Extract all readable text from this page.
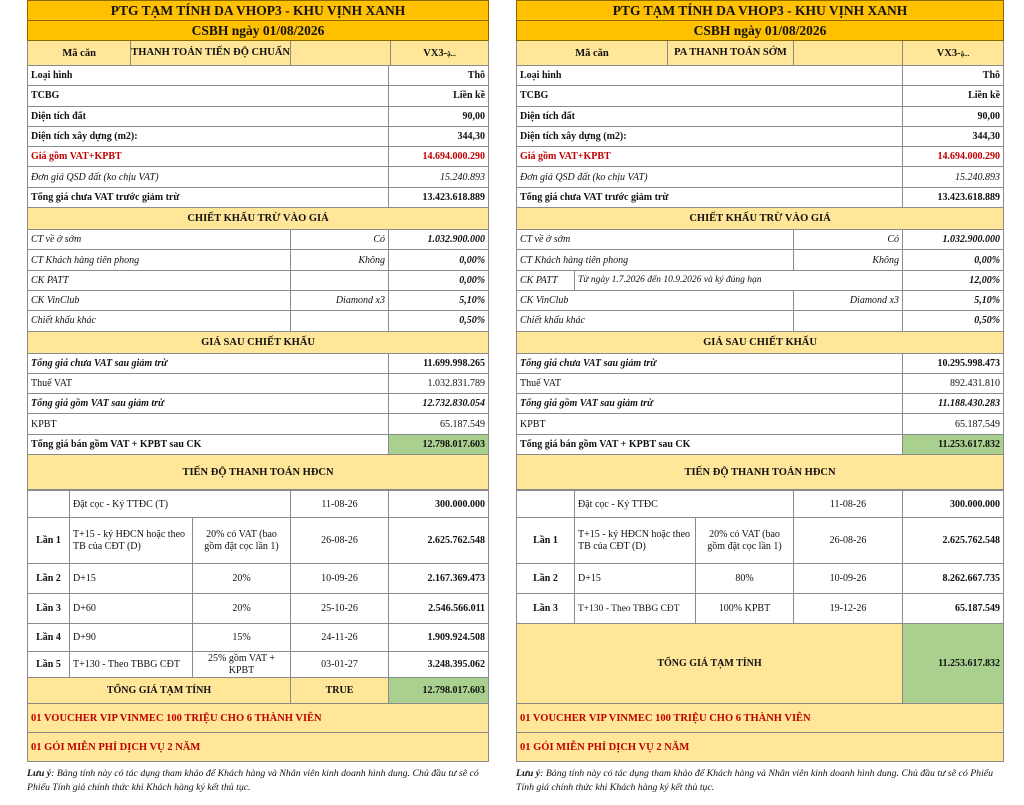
PTG TẠM TÍNH DA VHOP3 - KHU VỊNH XANH		
CSBH ngày 01/08/2026		

Mã căn THANH TOÁN TIẾN ĐỘ CHUẨN	VX3-ặ...	

Loại hình		Thô
TCBG		Liền kề
Diện tích đất		90,00
Diện tích xây dựng (m2):		344,30
Giá gồm VAT+KPBT		14.694.000.290
Đơn giá QSD đất (ko chịu VAT)		15.240.893
Tổng giá chưa VAT trước giảm trừ		13.423.618.889
CHIẾT KHẤU TRỪ VÀO GIÁ		
CT về ở sớm	Có	1.032.900.000
CT Khách hàng tiên phong	Không	0,00%
CK PATT		0,00%
CK VinClub	Diamond x3	5,10%
Chiết khấu khác		0,50%
GIÁ SAU CHIẾT KHẤU		
Tổng giá chưa VAT sau giảm trừ		11.699.998.265
Thuế VAT		1.032.831.789
Tổng giá gồm VAT sau giảm trừ		12.732.830.054
KPBT		65.187.549
Tổng giá bán gồm VAT + KPBT sau CK		12.798.017.603
TIẾN ĐỘ THANH TOÁN HĐCN		
	Đặt cọc - Ký TTĐC (T)		11-08-26	300.000.000
Lần 1	T+15 - ký HĐCN hoặc theo TB của CĐT (D)	20% có VAT (bao gồm đặt cọc lần 1)	26-08-26	2.625.762.548
Lần 2	D+15	20%	10-09-26	2.167.369.473
Lần 3	D+60	20%	25-10-26	2.546.566.011
Lần 4	D+90	15%	24-11-26	1.909.924.508
Lần 5	T+130 - Theo TBBG CĐT	25% gồm VAT + KPBT	03-01-27	3.248.395.062
TỔNG GIÁ TẠM TÍNH			TRUE	12.798.017.603
01 VOUCHER VIP VINMEC 100 TRIỆU CHO 6 THÀNH VIÊN				
01 GÓI MIỄN PHÍ DỊCH VỤ 2 NĂM				
Lưu ý: Bảng tính này có tác dụng tham khảo để Khách hàng và Nhân viên kinh doanh hình dung. Chủ đầu tư sẽ có Phiếu Tính giá chính thức khi Khách hàng ký kết thủ tục.
PTG TẠM TÍNH DA VHOP3 - KHU VỊNH XANH			
CSBH ngày 01/08/2026			

Mã căn PA THANH TOÁN SỚM		VX3-ặ...	

Loại hình			Thô
TCBG			Liền kề
Diện tích đất			90,00
Diện tích xây dựng (m2):			344,30
Giá gồm VAT+KPBT			14.694.000.290
Đơn giá QSD đất (ko chịu VAT)			15.240.893
Tổng giá chưa VAT trước giảm trừ			13.423.618.889
CHIẾT KHẤU TRỪ VÀO GIÁ			
CT về ở sớm		Có	1.032.900.000
CT Khách hàng tiên phong		Không	0,00%
CK PATT	Từ ngày 1.7.2026 đến 10.9.2026 và ký đúng hạn		12,00%
CK VinClub		Diamond x3	5,10%
Chiết khấu khác			0,50%
GIÁ SAU CHIẾT KHẤU			
Tổng giá chưa VAT sau giảm trừ			10.295.998.473
Thuế VAT			892.431.810
Tổng giá gồm VAT sau giảm trừ			11.188.430.283
KPBT			65.187.549
Tổng giá bán gồm VAT + KPBT sau CK			11.253.617.832
TIẾN ĐỘ THANH TOÁN HĐCN			
	Đặt cọc - Ký TTĐC		11-08-26	300.000.000
Lần 1	T+15 - ký HĐCN hoặc theo TB của CĐT (D)	20% có VAT (bao gồm đặt cọc lần 1)	26-08-26	2.625.762.548
Lần 2	D+15	80%	10-09-26	8.262.667.735
Lần 3	T+130 - Theo TBBG CĐT	100% KPBT	19-12-26	65.187.549
TỔNG GIÁ TẠM TÍNH				11.253.617.832
01 VOUCHER VIP VINMEC 100 TRIỆU CHO 6 THÀNH VIÊN				
01 GÓI MIỄN PHÍ DỊCH VỤ 2 NĂM				
Lưu ý: Bảng tính này có tác dụng tham khảo để Khách hàng và Nhân viên kinh doanh hình dung. Chủ đầu tư sẽ có Phiếu Tính giá chính thức khi Khách hàng ký kết thủ tục.
